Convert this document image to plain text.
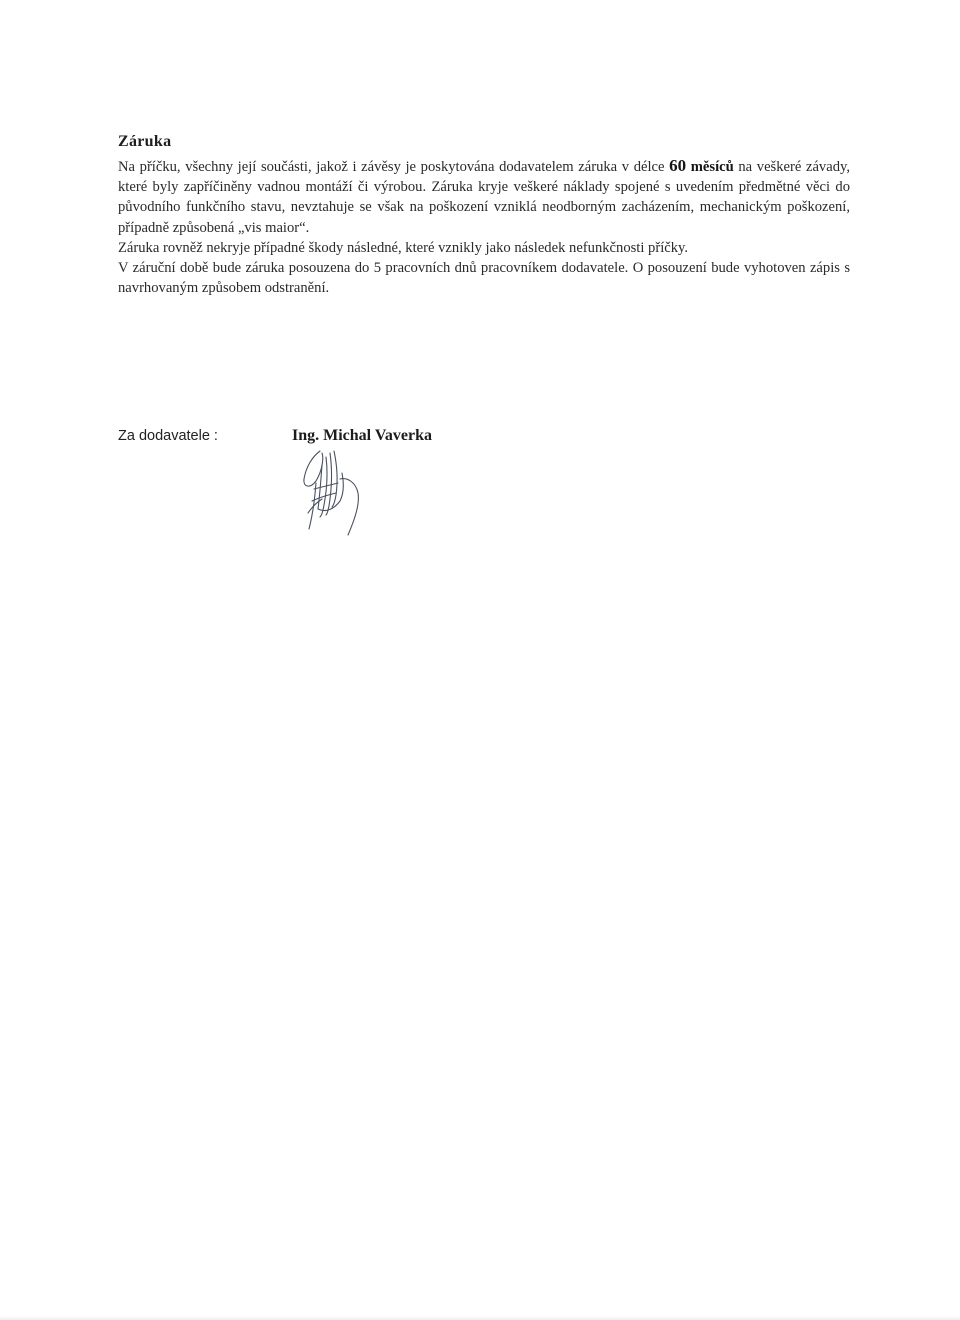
Záruka

Na příčku, všechny její součásti, jakož i závěsy je poskytována dodavatelem záruka v délce 60 měsíců na veškeré závady, které byly zapříčiněny vadnou montáží či výrobou. Záruka kryje veškeré náklady spojené s uvedením předmětné věci do původního funkčního stavu, nevztahuje se však na poškození vzniklá neodborným zacházením, mechanickým poškození, případně způsobená „vis maior“.

Záruka rovněž nekryje případné škody následné, které vznikly jako následek nefunkčnosti příčky.

V záruční době bude záruka posouzena do 5 pracovních dnů pracovníkem dodavatele. O posouzení bude vyhotoven zápis s navrhovaným způsobem odstranění.

Za dodavatele :	Ing. Michal Vaverka
